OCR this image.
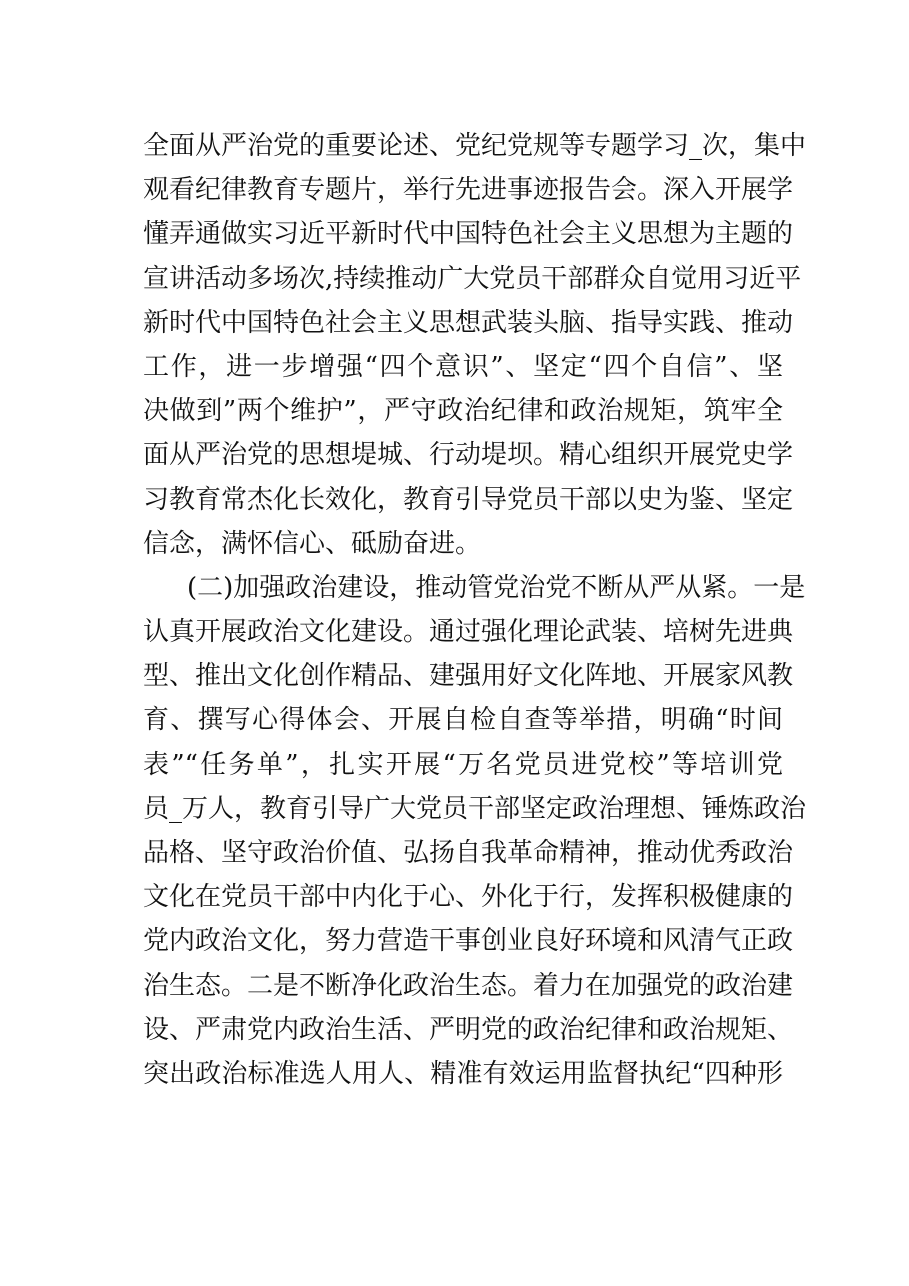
全面从严治党的重要论述、党纪党规等专题学习_次，集中
观看纪律教育专题片，举行先进事迹报告会。深入开展学
懂弄通做实习近平新时代中国特色社会主义思想为主题的
宣讲活动多场次,持续推动广大党员干部群众自觉用习近平
新时代中国特色社会主义思想武装头脑、指导实践、推动
工作，进一步增强“四个意识”、坚定“四个自信”、坚
决做到”两个维护”，严守政治纪律和政治规矩，筑牢全
面从严治党的思想堤城、行动堤坝。精心组织开展党史学
习教育常杰化长效化，教育引导党员干部以史为鉴、坚定
信念，满怀信心、砥励奋进。
(二)加强政治建设，推动管党治党不断从严从紧。一是
认真开展政治文化建设。通过强化理论武装、培树先进典
型、推出文化创作精品、建强用好文化阵地、开展家风教
育、撰写心得体会、开展自检自查等举措，明确“时间
表”“任务单”，扎实开展“万名党员进党校”等培训党
员_万人，教育引导广大党员干部坚定政治理想、锤炼政治
品格、坚守政治价值、弘扬自我革命精神，推动优秀政治
文化在党员干部中内化于心、外化于行，发挥积极健康的
党内政治文化，努力营造干事创业良好环境和风清气正政
治生态。二是不断净化政治生态。着力在加强党的政治建
设、严肃党内政治生活、严明党的政治纪律和政治规矩、
突出政治标准选人用人、精准有效运用监督执纪“四种形
